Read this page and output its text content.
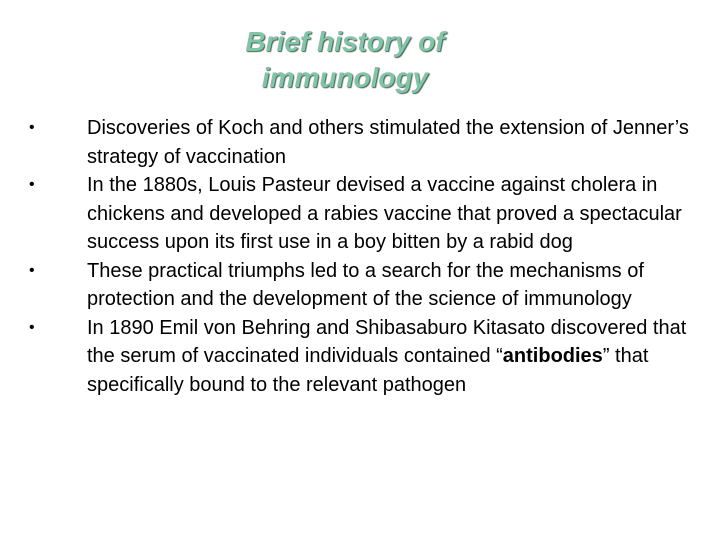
Brief history of
immunology
•	Discoveries of Koch and others stimulated the extension of Jenner’s strategy of vaccination
•	In the 1880s, Louis Pasteur devised a vaccine against cholera in chickens and developed a rabies vaccine that proved a spectacular success upon its first use in a boy bitten by a rabid dog
•	These practical triumphs led to a search for the mechanisms of protection and the development of the science of immunology
•	In 1890 Emil von Behring and Shibasaburo Kitasato discovered that the serum of vaccinated individuals contained “antibodies” that specifically bound to the relevant pathogen
